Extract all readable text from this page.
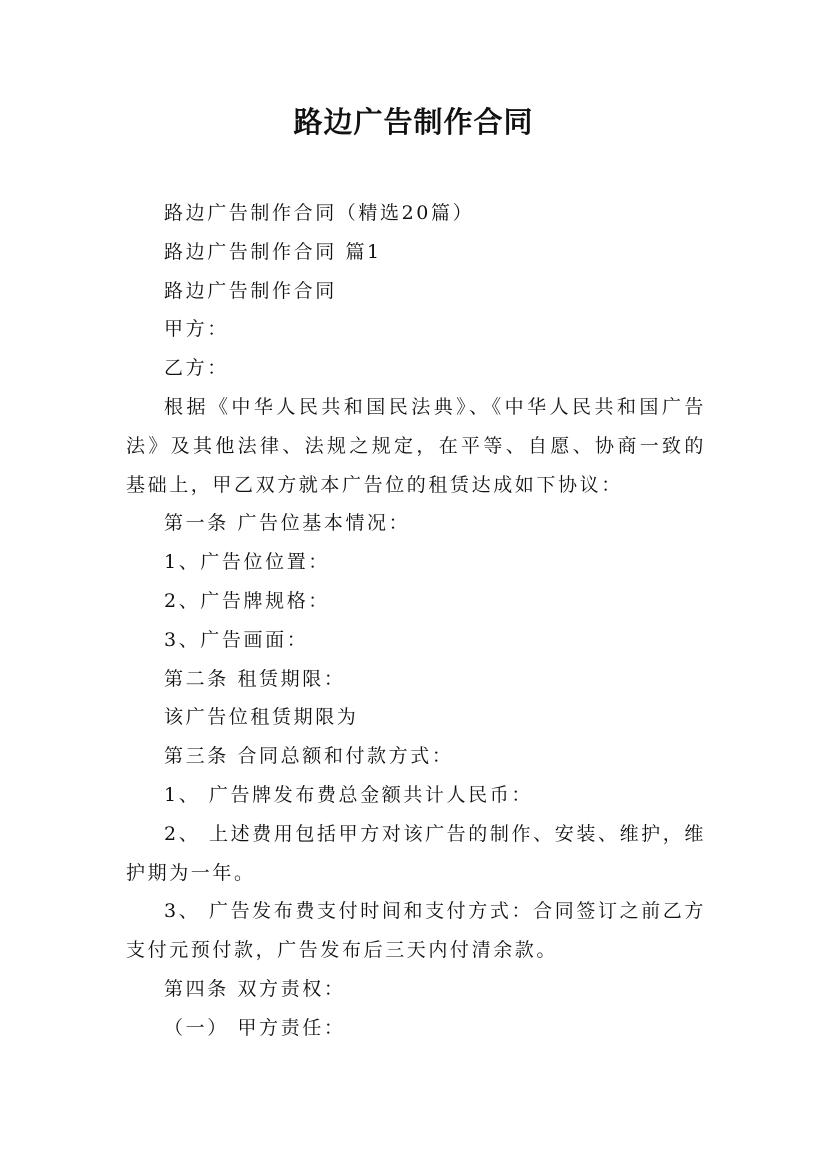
路边广告制作合同

路边广告制作合同（精选20篇）

路边广告制作合同 篇1

路边广告制作合同

甲方：

乙方：

根据《中华人民共和国民法典》、《中华人民共和国广告法》及其他法律、法规之规定，在平等、自愿、协商一致的基础上，甲乙双方就本广告位的租赁达成如下协议：

第一条 广告位基本情况：

1、广告位位置：

2、广告牌规格：

3、广告画面：

第二条 租赁期限：

该广告位租赁期限为

第三条 合同总额和付款方式：

1、 广告牌发布费总金额共计人民币：

2、 上述费用包括甲方对该广告的制作、安装、维护，维护期为一年。

3、 广告发布费支付时间和支付方式：合同签订之前乙方支付元预付款，广告发布后三天内付清余款。

第四条 双方责权：

（一） 甲方责任：
